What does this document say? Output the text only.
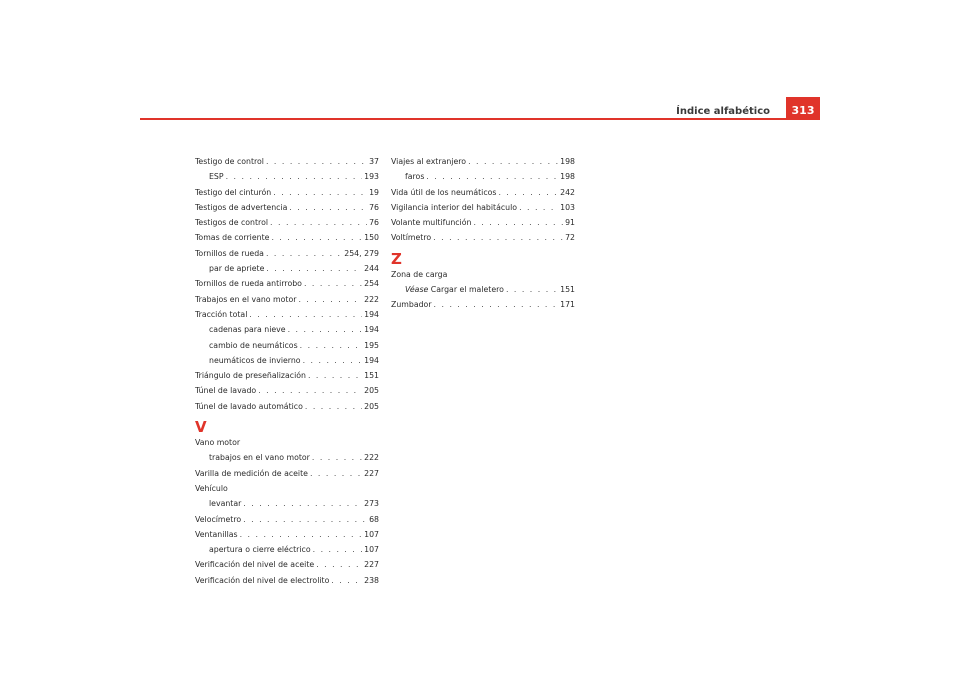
Índice alfabético 313
Testigo de control . . .	37
ESP . . .	193
Testigo del cinturón . . .	19
Testigos de advertencia . . .	76
Testigos de control . . .	76
Tomas de corriente . . .	150
Tornillos de rueda . . .	254, 279
par de apriete . . .	244
Tornillos de rueda antirrobo . . .	254
Trabajos en el vano motor . . .	222
Tracción total . . .	194
cadenas para nieve . . .	194
cambio de neumáticos . . .	195
neumáticos de invierno . . .	194
Triángulo de preseñalización . . .	151
Túnel de lavado . . .	205
Túnel de lavado automático . . .	205
V
Vano motor
trabajos en el vano motor . . .	222
Varilla de medición de aceite . . .	227
Vehículo
levantar . . .	273
Velocímetro . . .	68
Ventanillas . . .	107
apertura o cierre eléctrico . . .	107
Verificación del nivel de aceite . . .	227
Verificación del nivel de electrolito . . .	238
Viajes al extranjero . . .	198
faros . . .	198
Vida útil de los neumáticos . . .	242
Vigilancia interior del habitáculo . . .	103
Volante multifunción . . .	91
Voltímetro . . .	72
Z
Zona de carga
Véase Cargar el maletero . . .	151
Zumbador . . .	171
